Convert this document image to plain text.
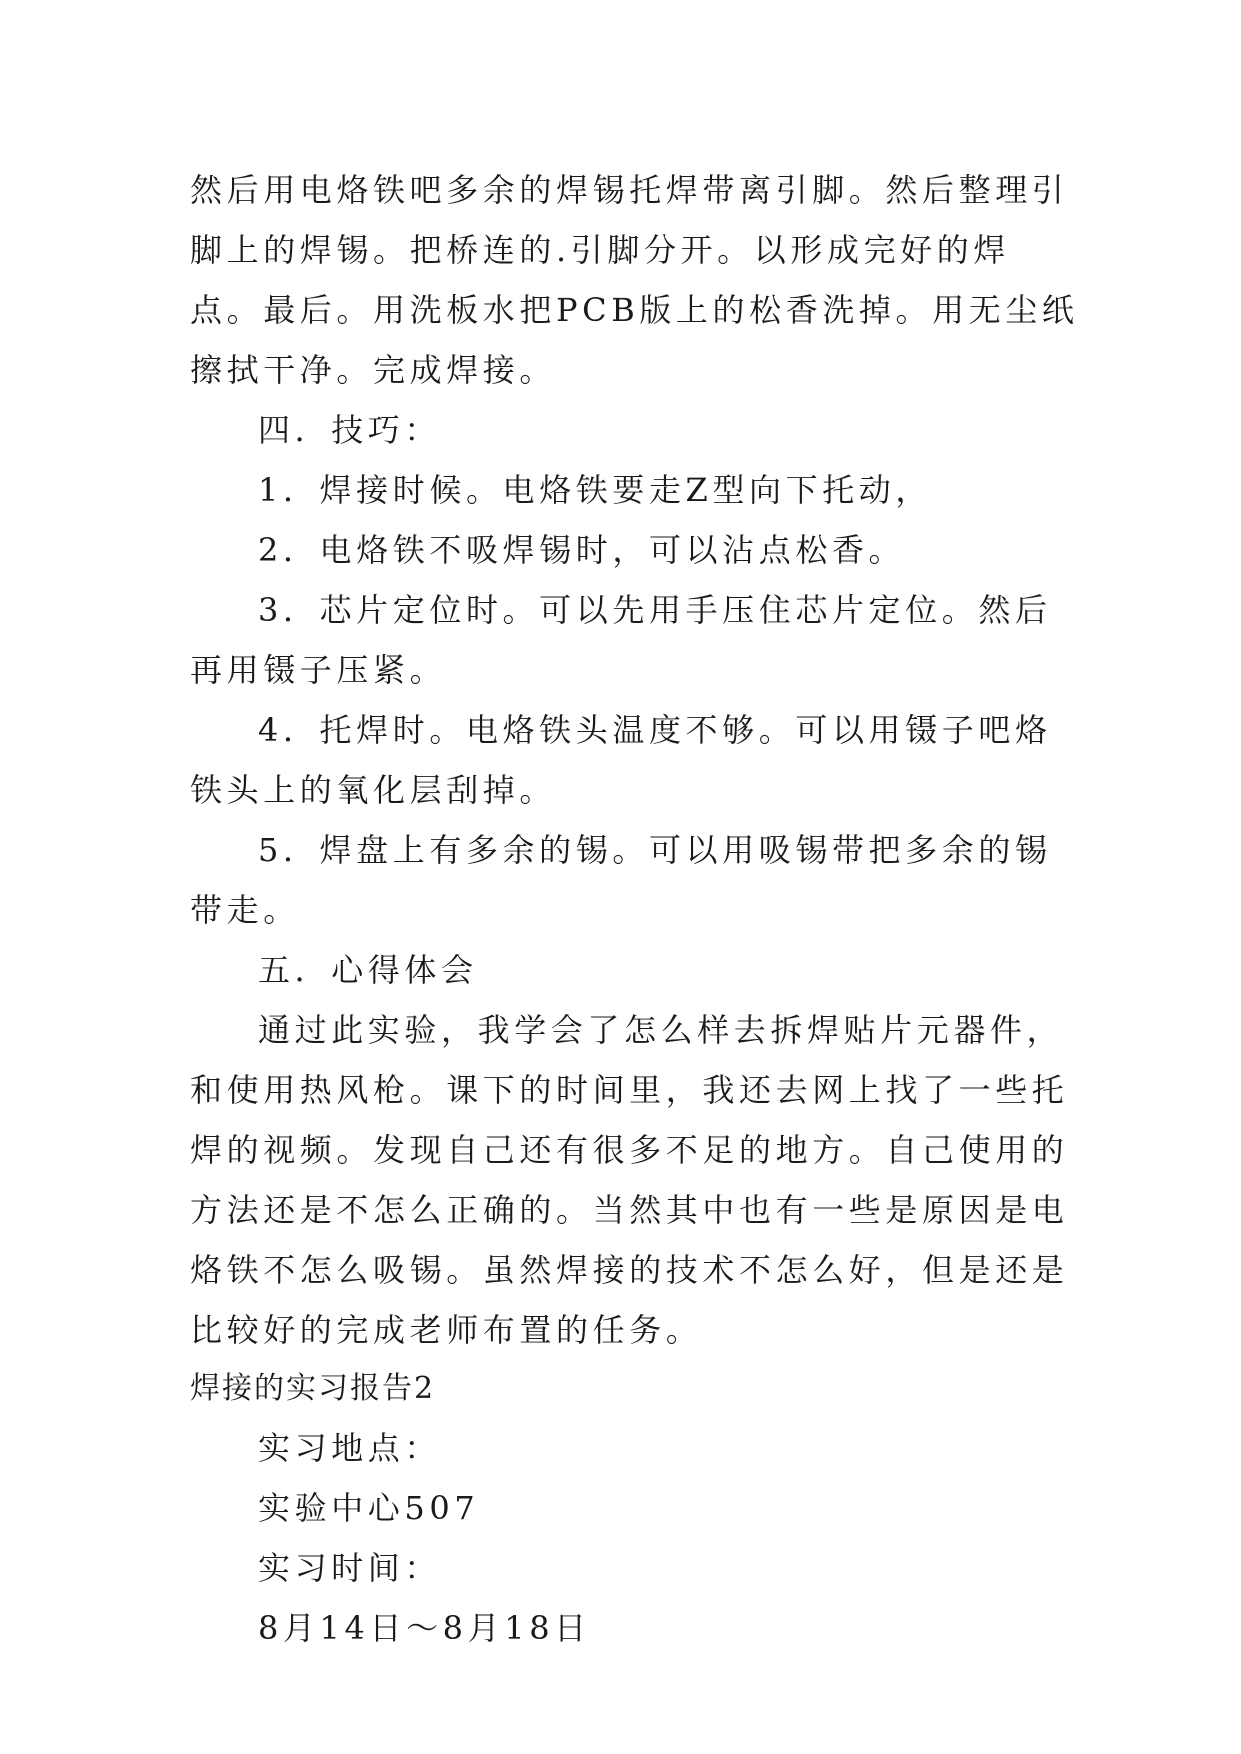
然后用电烙铁吧多余的焊锡托焊带离引脚。然后整理引脚上的焊锡。把桥连的.引脚分开。以形成完好的焊点。最后。用洗板水把PCB版上的松香洗掉。用无尘纸擦拭干净。完成焊接。

四．技巧：

1．焊接时候。电烙铁要走Z型向下托动，

2．电烙铁不吸焊锡时，可以沾点松香。

3．芯片定位时。可以先用手压住芯片定位。然后再用镊子压紧。

4．托焊时。电烙铁头温度不够。可以用镊子吧烙铁头上的氧化层刮掉。

5．焊盘上有多余的锡。可以用吸锡带把多余的锡带走。

五．心得体会

通过此实验，我学会了怎么样去拆焊贴片元器件，和使用热风枪。课下的时间里，我还去网上找了一些托焊的视频。发现自己还有很多不足的地方。自己使用的方法还是不怎么正确的。当然其中也有一些是原因是电烙铁不怎么吸锡。虽然焊接的技术不怎么好，但是还是比较好的完成老师布置的任务。

焊接的实习报告2

实习地点：

实验中心507

实习时间：

8月14日～8月18日
